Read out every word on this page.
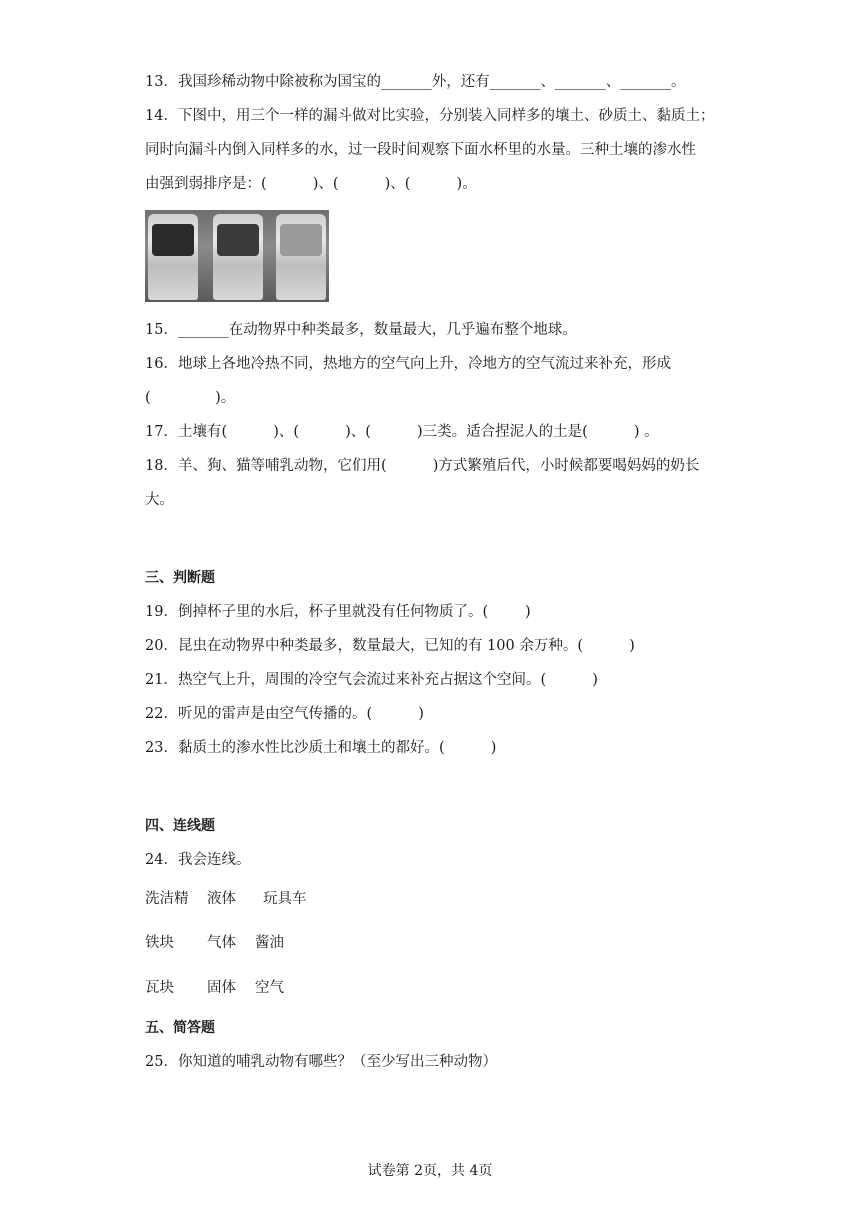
13．我国珍稀动物中除被称为国宝的_______外，还有_______、_______、_______。
14．下图中，用三个一样的漏斗做对比实验，分别装入同样多的壤土、砂质土、黏质土；
同时向漏斗内倒入同样多的水，过一段时间观察下面水杯里的水量。三种土壤的渗水性
由强到弱排序是：(          )、(          )、(          )。
15．_______在动物界中种类最多，数量最大，几乎遍布整个地球。
16．地球上各地冷热不同，热地方的空气向上升，冷地方的空气流过来补充，形成
(              )。
17．土壤有(          )、(          )、(          )三类。适合捏泥人的土是(          ) 。
18．羊、狗、猫等哺乳动物，它们用(          )方式繁殖后代，小时候都要喝妈妈的奶长
大。
三、判断题
19．倒掉杯子里的水后，杯子里就没有任何物质了。(        )
20．昆虫在动物界中种类最多，数量最大，已知的有 100 余万种。(          )
21．热空气上升，周围的冷空气会流过来补充占据这个空间。(          )
22．听见的雷声是由空气传播的。(          )
23．黏质土的渗水性比沙质土和壤土的都好。(          )
四、连线题
24．我会连线。
洗洁精 液体 玩具车
铁块 气体 酱油
瓦块 固体 空气
五、简答题
25．你知道的哺乳动物有哪些？（至少写出三种动物）
试卷第 2页，共 4页
